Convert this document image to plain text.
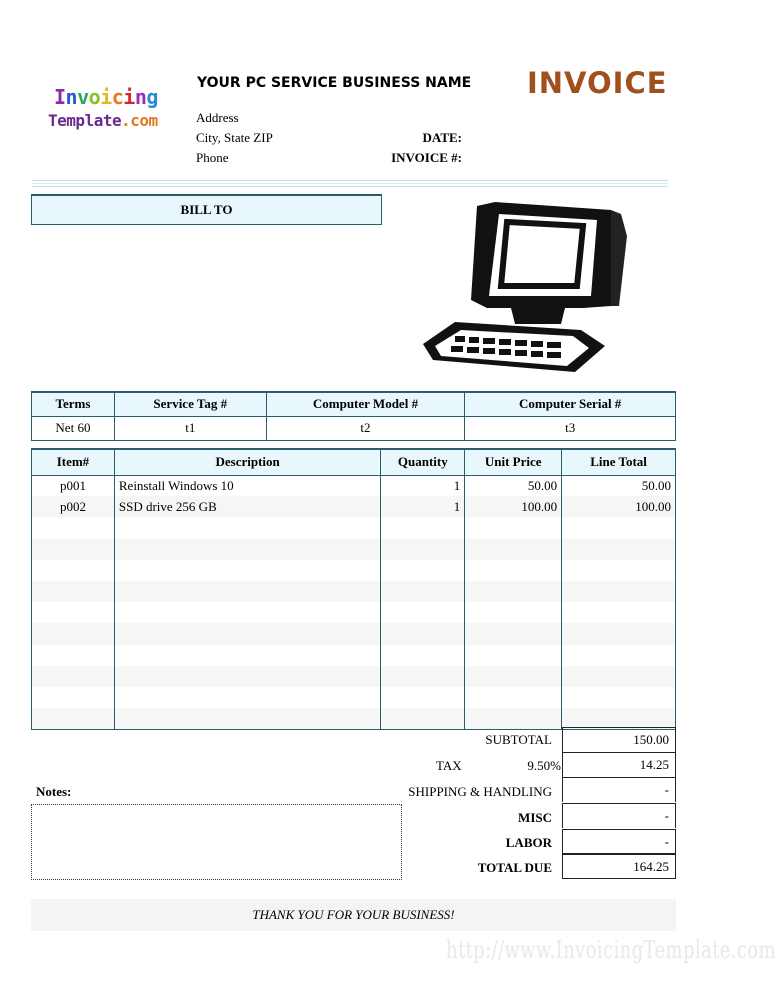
Invoicing
Template.com
YOUR PC SERVICE BUSINESS NAME INVOICE
Address
City, State ZIP
Phone
DATE:
INVOICE #:
BILL TO
Terms	Service Tag #	Computer Model #	Computer Serial #
Net 60	t1	t2	t3
Item#	Description	Quantity	Unit Price	Line Total
p001	Reinstall Windows 10	1	50.00	50.00
p002	SSD drive 256 GB	1	100.00	100.00

SUBTOTAL	150.00
TAX	9.50%	14.25
SHIPPING & HANDLING	-
MISC	-
LABOR	-
TOTAL DUE	164.25
Notes:
THANK YOU FOR YOUR BUSINESS!
http://www.InvoicingTemplate.com
